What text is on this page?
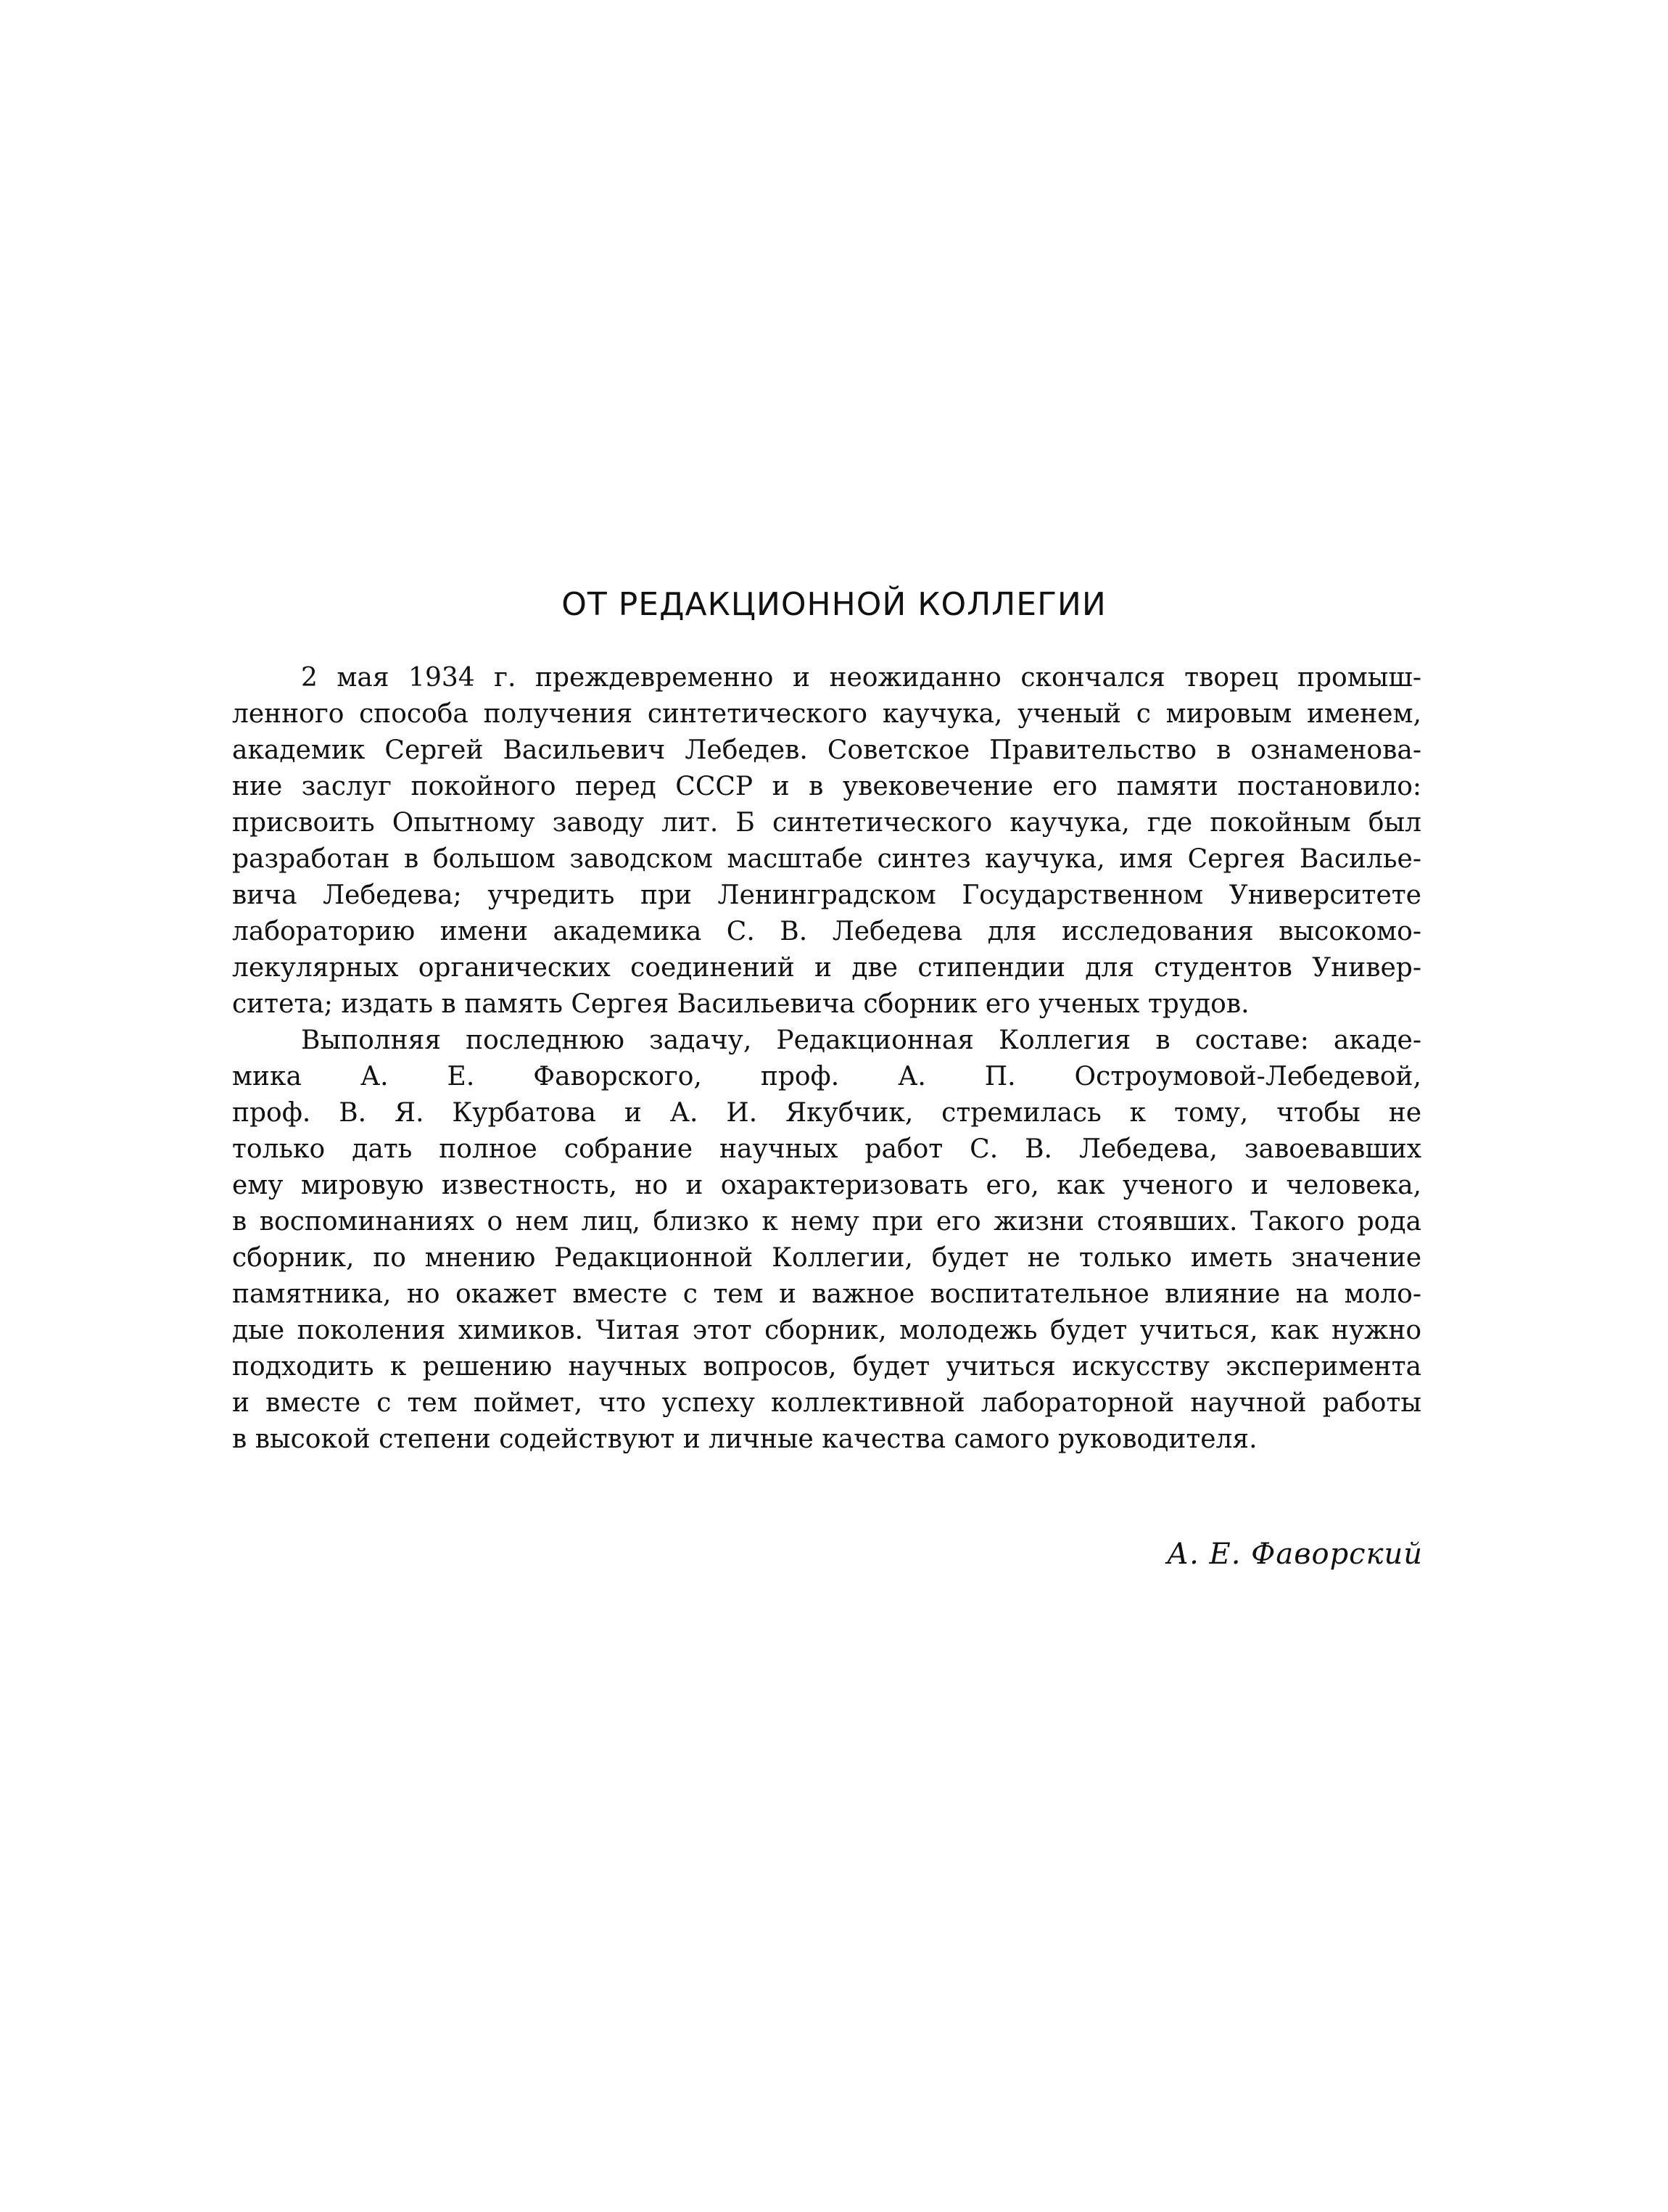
ОТ РЕДАКЦИОННОЙ КОЛЛЕГИИ
2 мая 1934 г. преждевременно и неожиданно скончался творец промыш-
ленного способа получения синтетического каучука, ученый с мировым именем,
академик Сергей Васильевич Лебедев. Советское Правительство в ознаменова-
ние заслуг покойного перед СССР и в увековечение его памяти постановило:
присвоить Опытному заводу лит. Б синтетического каучука, где покойным был
разработан в большом заводском масштабе синтез каучука, имя Сергея Василье-
вича Лебедева; учредить при Ленинградском Государственном Университете
лабораторию имени академика С. В. Лебедева для исследования высокомо-
лекулярных органических соединений и две стипендии для студентов Универ-
ситета; издать в память Сергея Васильевича сборник его ученых трудов.
Выполняя последнюю задачу, Редакционная Коллегия в составе: акаде-
мика А. Е. Фаворского, проф. А. П. Остроумовой-Лебедевой,
проф. В. Я. Курбатова и А. И. Якубчик, стремилась к тому, чтобы не
только дать полное собрание научных работ С. В. Лебедева, завоевавших
ему мировую известность, но и охарактеризовать его, как ученого и человека,
в воспоминаниях о нем лиц, близко к нему при его жизни стоявших. Такого рода
сборник, по мнению Редакционной Коллегии, будет не только иметь значение
памятника, но окажет вместе с тем и важное воспитательное влияние на моло-
дые поколения химиков. Читая этот сборник, молодежь будет учиться, как нужно
подходить к решению научных вопросов, будет учиться искусству эксперимента
и вместе с тем поймет, что успеху коллективной лабораторной научной работы
в высокой степени содействуют и личные качества самого руководителя.
А. Е. Фаворский
